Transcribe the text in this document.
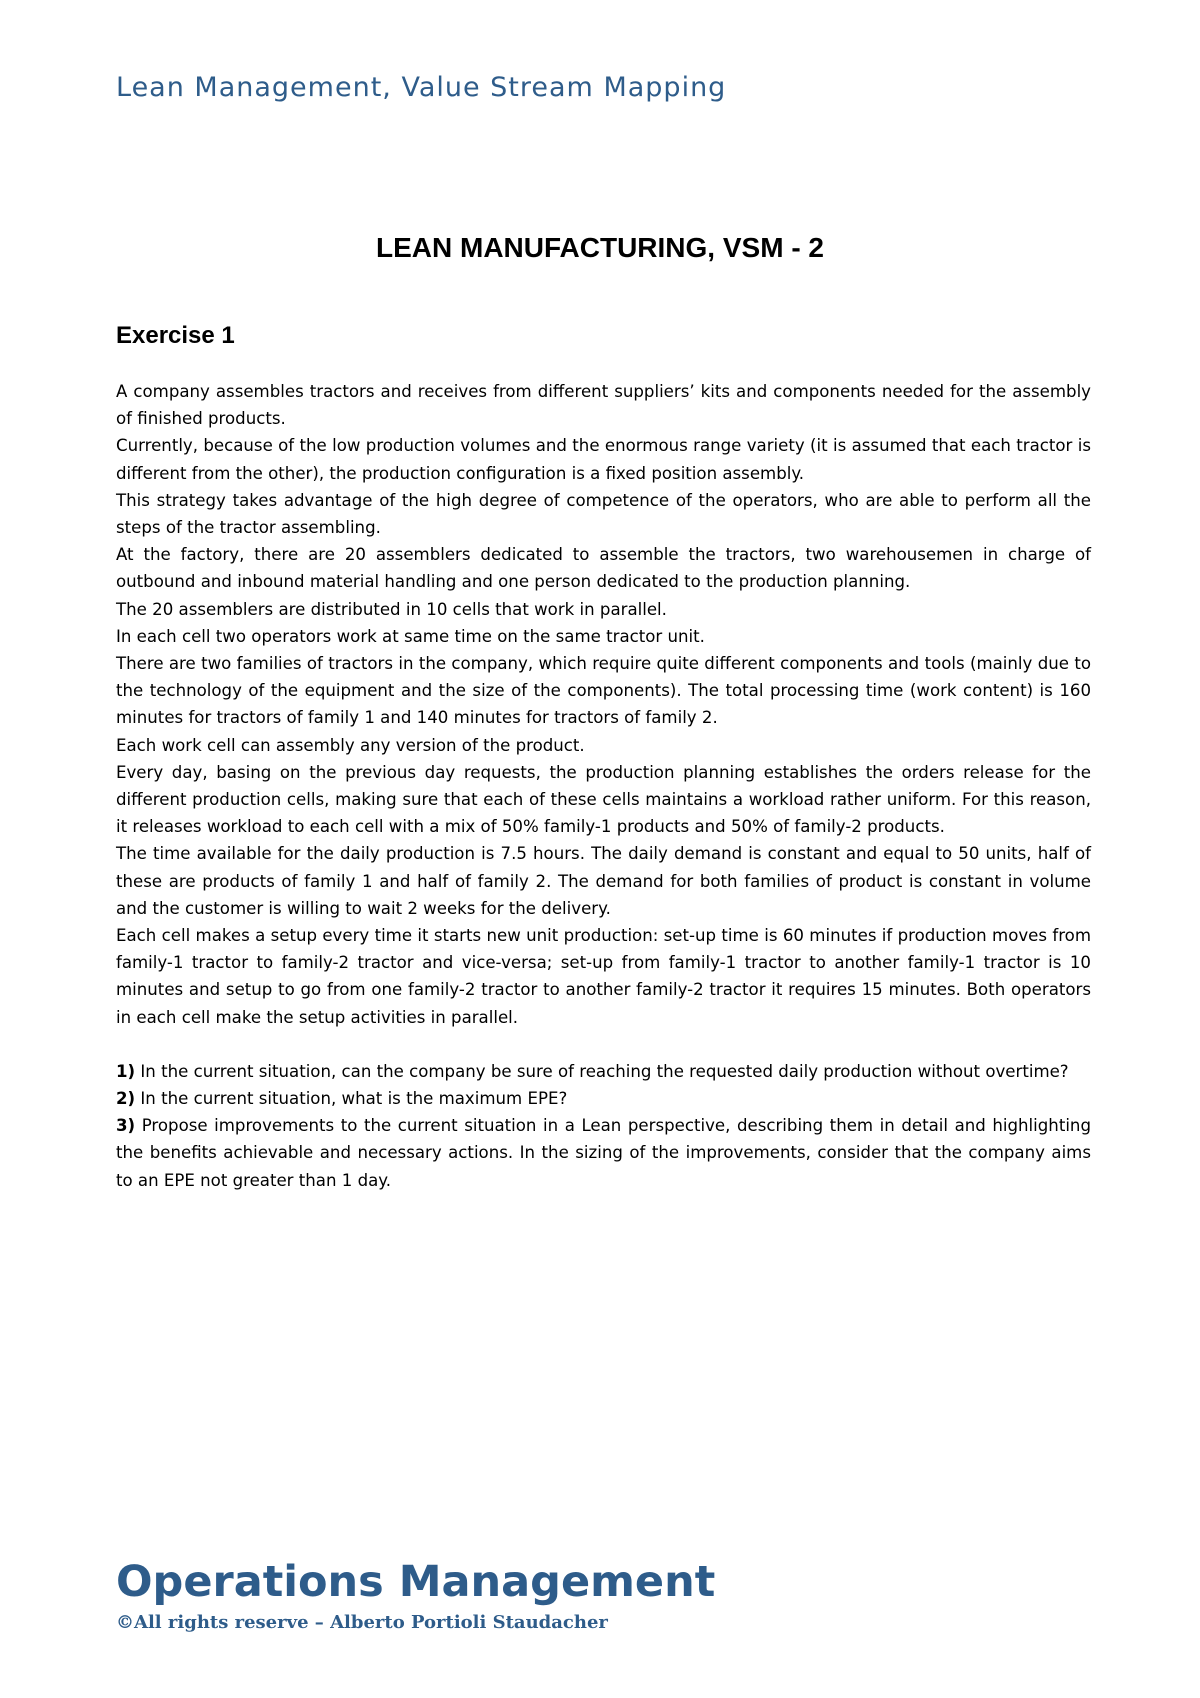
Lean Management, Value Stream Mapping
LEAN MANUFACTURING, VSM - 2
Exercise 1

A company assembles tractors and receives from different suppliers’ kits and components needed for the assembly of finished products.

Currently, because of the low production volumes and the enormous range variety (it is assumed that each tractor is different from the other), the production configuration is a fixed position assembly.

This strategy takes advantage of the high degree of competence of the operators, who are able to perform all the steps of the tractor assembling.

At the factory, there are 20 assemblers dedicated to assemble the tractors, two warehousemen in charge of outbound and inbound material handling and one person dedicated to the production planning.

The 20 assemblers are distributed in 10 cells that work in parallel.

In each cell two operators work at same time on the same tractor unit.

There are two families of tractors in the company, which require quite different components and tools (mainly due to the technology of the equipment and the size of the components). The total processing time (work content) is 160 minutes for tractors of family 1 and 140 minutes for tractors of family 2.

Each work cell can assembly any version of the product.

Every day, basing on the previous day requests, the production planning establishes the orders release for the different production cells, making sure that each of these cells maintains a workload rather uniform. For this reason, it releases workload to each cell with a mix of 50% family-1 products and 50% of family-2 products.

The time available for the daily production is 7.5 hours. The daily demand is constant and equal to 50 units, half of these are products of family 1 and half of family 2. The demand for both families of product is constant in volume and the customer is willing to wait 2 weeks for the delivery.

Each cell makes a setup every time it starts new unit production: set-up time is 60 minutes if production moves from family-1 tractor to family-2 tractor and vice-versa; set-up from family-1 tractor to another family-1 tractor is 10 minutes and setup to go from one family-2 tractor to another family-2 tractor it requires 15 minutes. Both operators in each cell make the setup activities in parallel.

1) In the current situation, can the company be sure of reaching the requested daily production without overtime?

2) In the current situation, what is the maximum EPE?

3) Propose improvements to the current situation in a Lean perspective, describing them in detail and highlighting the benefits achievable and necessary actions. In the sizing of the improvements, consider that the company aims to an EPE not greater than 1 day.

Operations Management
©All rights reserve – Alberto Portioli Staudacher
